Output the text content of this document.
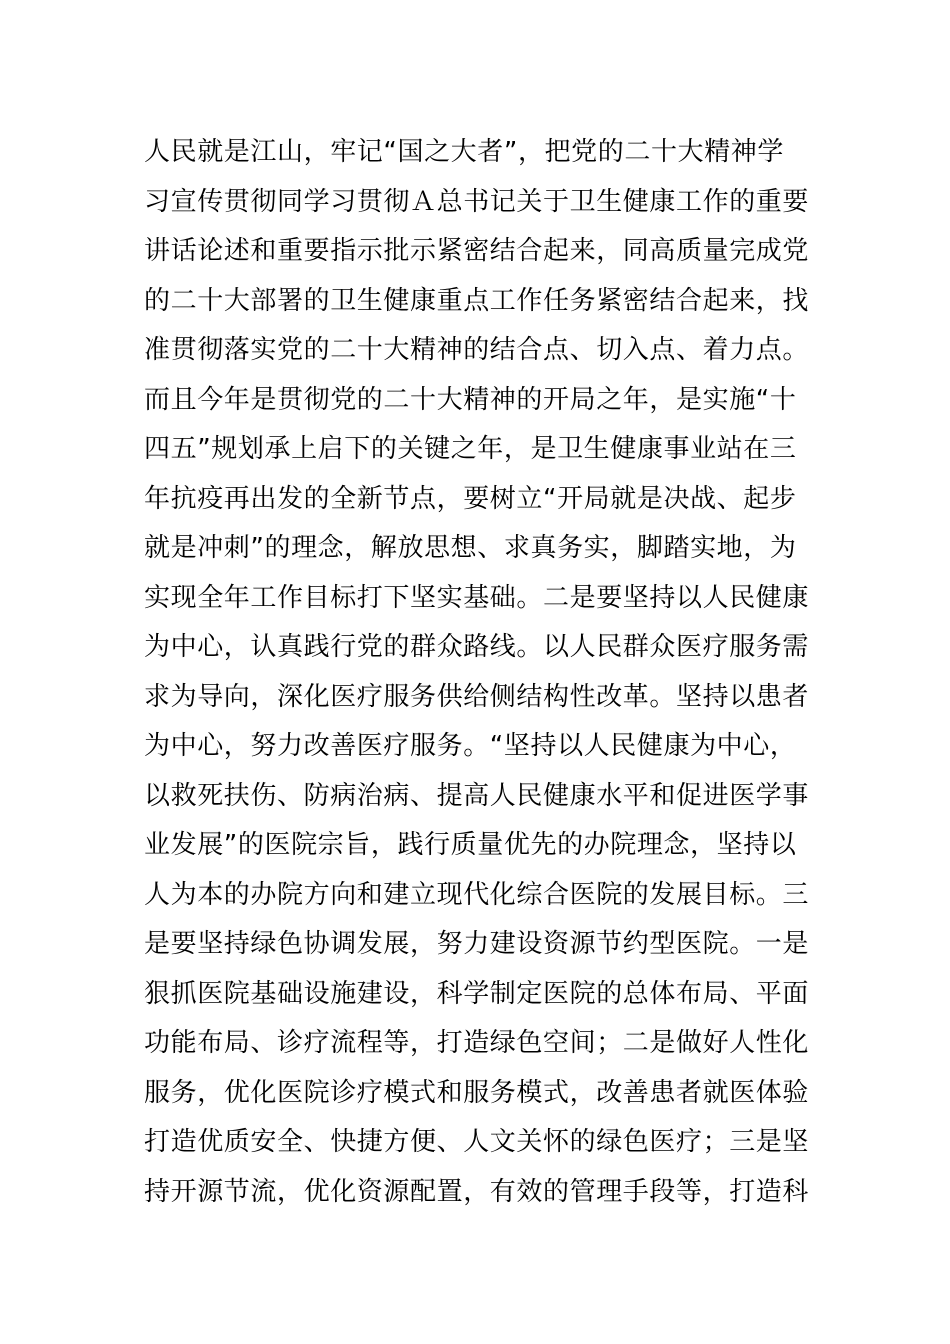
人民就是江山，牢记“国之大者”，把党的二十大精神学
习宣传贯彻同学习贯彻Ａ总书记关于卫生健康工作的重要
讲话论述和重要指示批示紧密结合起来，同高质量完成党
的二十大部署的卫生健康重点工作任务紧密结合起来，找
准贯彻落实党的二十大精神的结合点、切入点、着力点。
而且今年是贯彻党的二十大精神的开局之年，是实施“十
四五”规划承上启下的关键之年，是卫生健康事业站在三
年抗疫再出发的全新节点，要树立“开局就是决战、起步
就是冲刺”的理念，解放思想、求真务实，脚踏实地，为
实现全年工作目标打下坚实基础。二是要坚持以人民健康
为中心，认真践行党的群众路线。以人民群众医疗服务需
求为导向，深化医疗服务供给侧结构性改革。坚持以患者
为中心，努力改善医疗服务。“坚持以人民健康为中心，
以救死扶伤、防病治病、提高人民健康水平和促进医学事
业发展”的医院宗旨，践行质量优先的办院理念，坚持以
人为本的办院方向和建立现代化综合医院的发展目标。三
是要坚持绿色协调发展，努力建设资源节约型医院。一是
狠抓医院基础设施建设，科学制定医院的总体布局、平面
功能布局、诊疗流程等，打造绿色空间；二是做好人性化
服务，优化医院诊疗模式和服务模式，改善患者就医体验
打造优质安全、快捷方便、人文关怀的绿色医疗；三是坚
持开源节流，优化资源配置，有效的管理手段等，打造科
